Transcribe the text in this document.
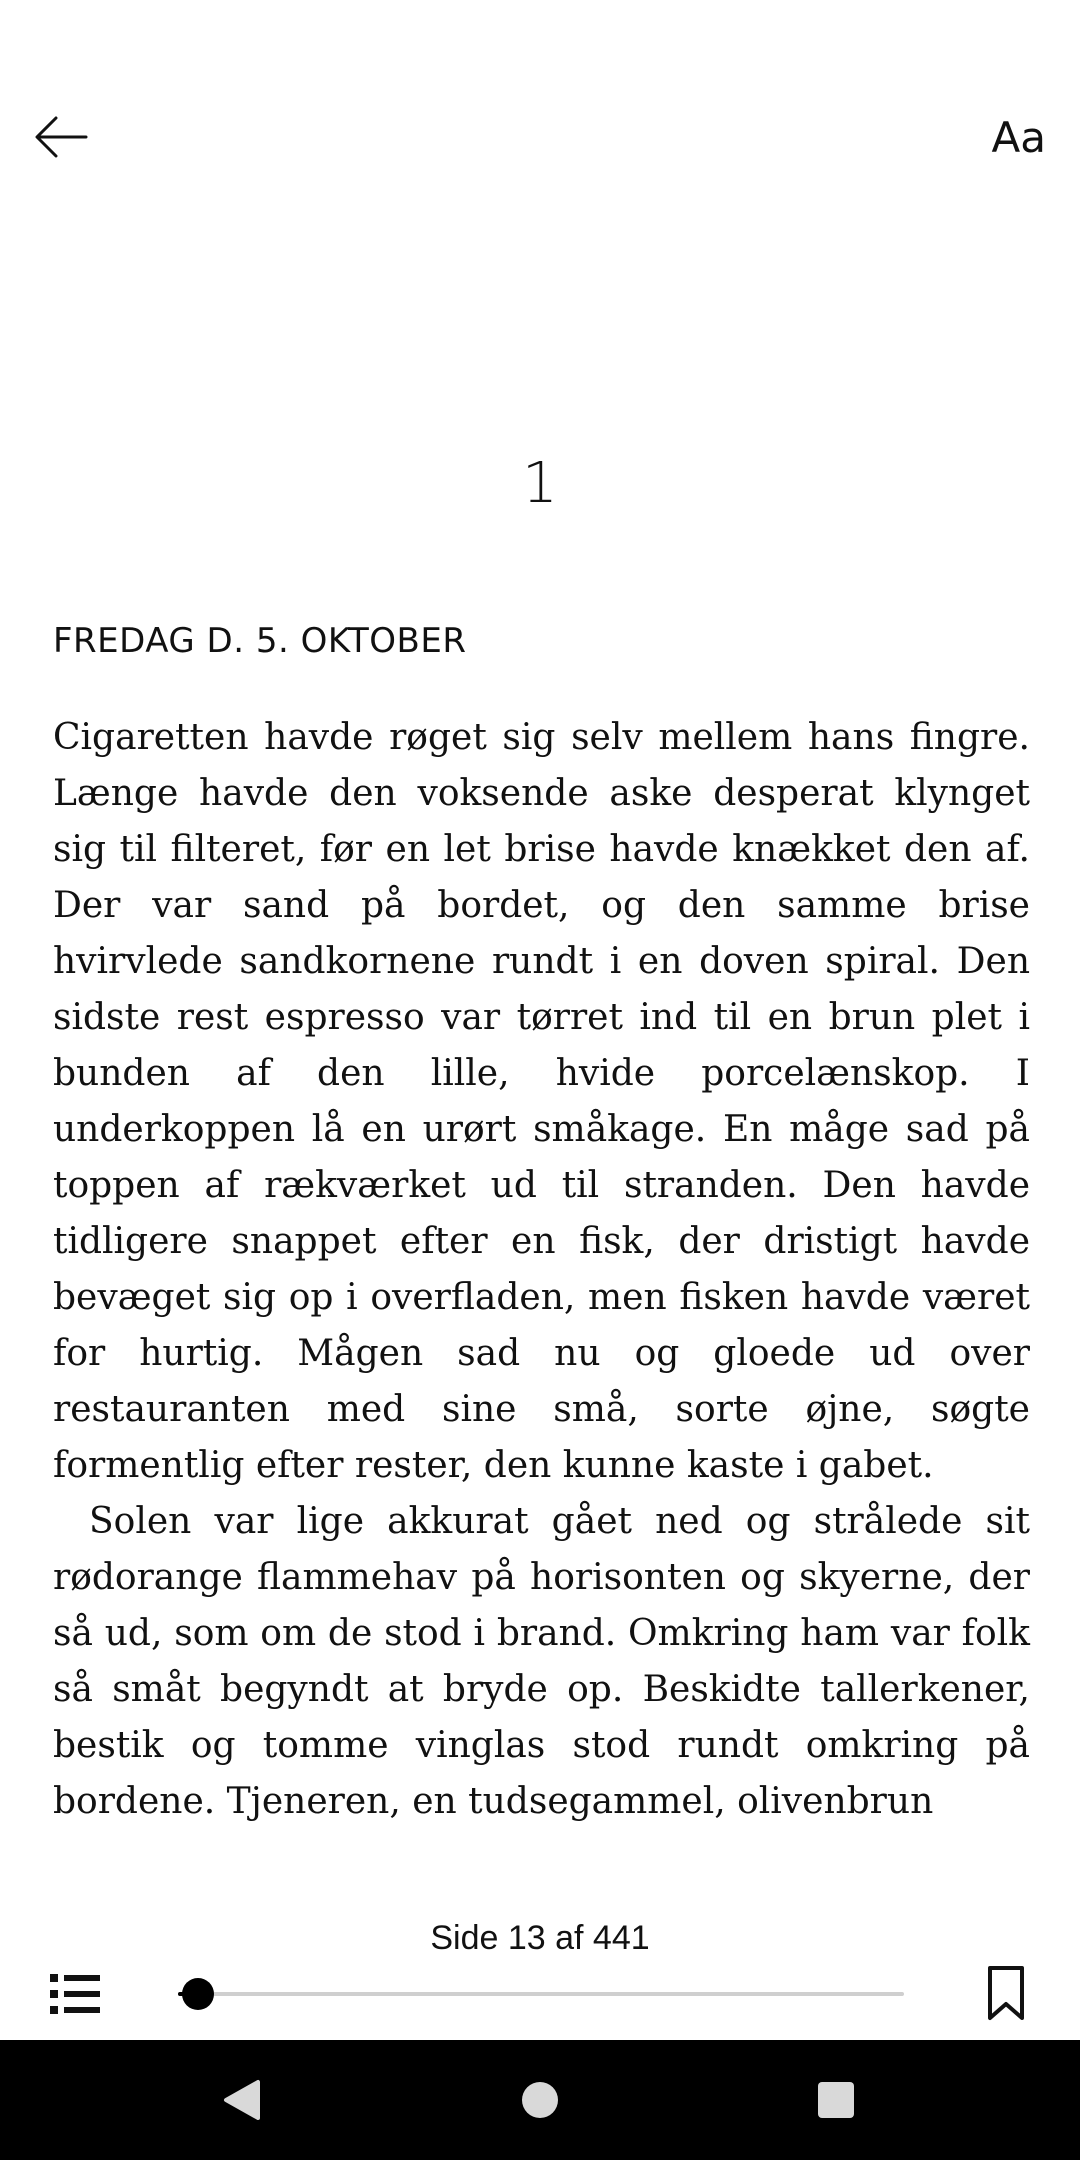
Aa
1
FREDAG D. 5. OKTOBER

Cigaretten havde røget sig selv mellem hans fingre. Længe havde den voksende aske desperat klynget sig til filteret, før en let brise havde knækket den af. Der var sand på bordet, og den samme brise hvirvlede sandkornene rundt i en doven spiral. Den sidste rest espresso var tørret ind til en brun plet i bunden af den lille, hvide porcelænskop. I underkoppen lå en urørt småkage. En måge sad på toppen af rækværket ud til stranden. Den havde tidligere snappet efter en fisk, der dristigt havde bevæget sig op i overfladen, men fisken havde været for hurtig. Mågen sad nu og gloede ud over restauranten med sine små, sorte øjne, søgte formentlig efter rester, den kunne kaste i gabet.

Solen var lige akkurat gået ned og strålede sit rødorange flammehav på horisonten og skyerne, der så ud, som om de stod i brand. Omkring ham var folk så småt begyndt at bryde op. Beskidte tallerkener, bestik og tomme vinglas stod rundt omkring på bordene. Tjeneren, en tudsegammel, olivenbrun

Side 13 af 441
